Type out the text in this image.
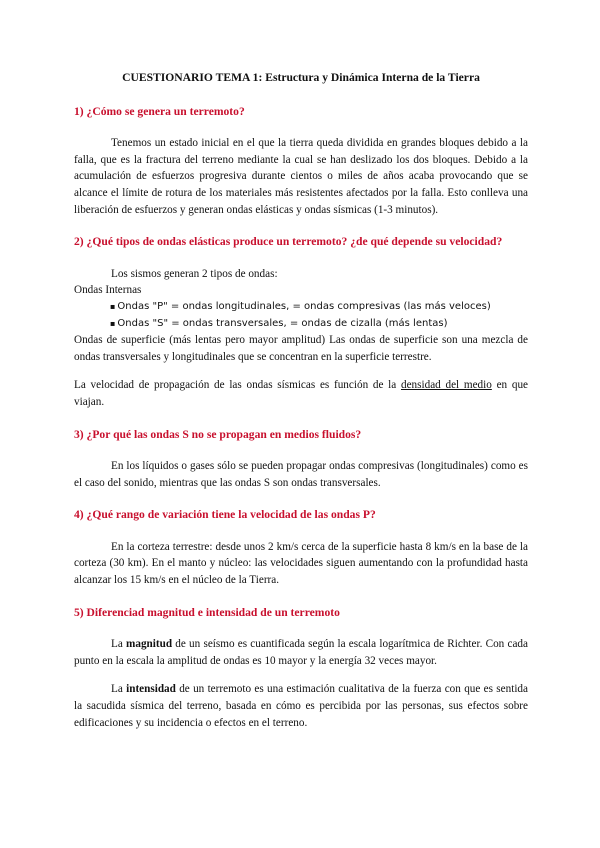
CUESTIONARIO TEMA 1: Estructura y Dinámica Interna de la Tierra
1) ¿Cómo se genera un terremoto?

Tenemos un estado inicial en el que la tierra queda dividida en grandes bloques debido a la falla, que es la fractura del terreno mediante la cual se han deslizado los dos bloques. Debido a la acumulación de esfuerzos progresiva durante cientos o miles de años acaba provocando que se alcance el límite de rotura de los materiales más resistentes afectados por la falla. Esto conlleva una liberación de esfuerzos y generan ondas elásticas y ondas sísmicas (1-3 minutos).

2) ¿Qué tipos de ondas elásticas produce un terremoto? ¿de qué depende su velocidad?

Los sismos generan 2 tipos de ondas:

Ondas Internas

▪ Ondas "P" = ondas longitudinales, = ondas compresivas (las más veloces)
▪ Ondas "S" = ondas transversales, = ondas de cizalla (más lentas)

Ondas de superficie (más lentas pero mayor amplitud) Las ondas de superficie son una mezcla de ondas transversales y longitudinales que se concentran en la superficie terrestre.

La velocidad de propagación de las ondas sísmicas es función de la densidad del medio en que viajan.

3) ¿Por qué las ondas S no se propagan en medios fluidos?

En los líquidos o gases sólo se pueden propagar ondas compresivas (longitudinales) como es el caso del sonido, mientras que las ondas S son ondas transversales.

4) ¿Qué rango de variación tiene la velocidad de las ondas P?

En la corteza terrestre: desde unos 2 km/s cerca de la superficie hasta 8 km/s en la base de la corteza (30 km). En el manto y núcleo: las velocidades siguen aumentando con la profundidad hasta alcanzar los 15 km/s en el núcleo de la Tierra.

5) Diferenciad magnitud e intensidad de un terremoto

La magnitud de un seísmo es cuantificada según la escala logarítmica de Richter. Con cada punto en la escala la amplitud de ondas es 10 mayor y la energía 32 veces mayor.

La intensidad de un terremoto es una estimación cualitativa de la fuerza con que es sentida la sacudida sísmica del terreno, basada en cómo es percibida por las personas, sus efectos sobre edificaciones y su incidencia o efectos en el terreno.
